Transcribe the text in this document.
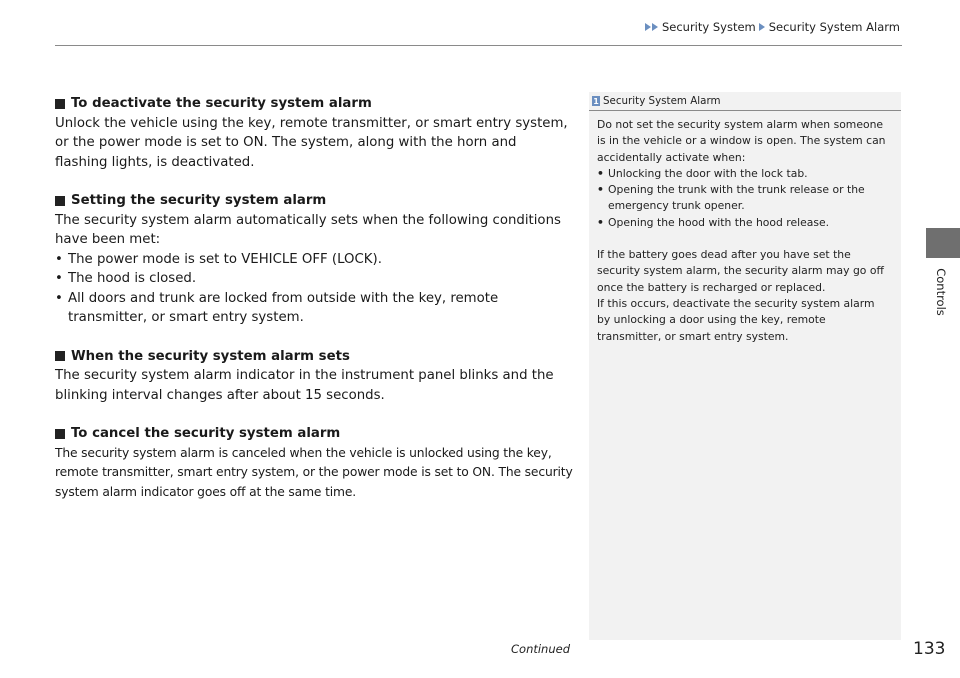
Security System Security System Alarm
Controls
To deactivate the security system alarm

Unlock the vehicle using the key, remote transmitter, or smart entry system, or the power mode is set to ON. The system, along with the horn and flashing lights, is deactivated.

Setting the security system alarm

The security system alarm automatically sets when the following conditions have been met:

• The power mode is set to VEHICLE OFF (LOCK).
• The hood is closed.
• All doors and trunk are locked from outside with the key, remote transmitter, or smart entry system.
When the security system alarm sets

The security system alarm indicator in the instrument panel blinks and the blinking interval changes after about 15 seconds.

To cancel the security system alarm

The security system alarm is canceled when the vehicle is unlocked using the key, remote transmitter, smart entry system, or the power mode is set to ON. The security system alarm indicator goes off at the same time.

1 Security System Alarm

Do not set the security system alarm when someone is in the vehicle or a window is open. The system can accidentally activate when:

• Unlocking the door with the lock tab.
• Opening the trunk with the trunk release or the emergency trunk opener.
• Opening the hood with the hood release.

If the battery goes dead after you have set the security system alarm, the security alarm may go off once the battery is recharged or replaced.

If this occurs, deactivate the security system alarm by unlocking a door using the key, remote transmitter, or smart entry system.

Continued	133
